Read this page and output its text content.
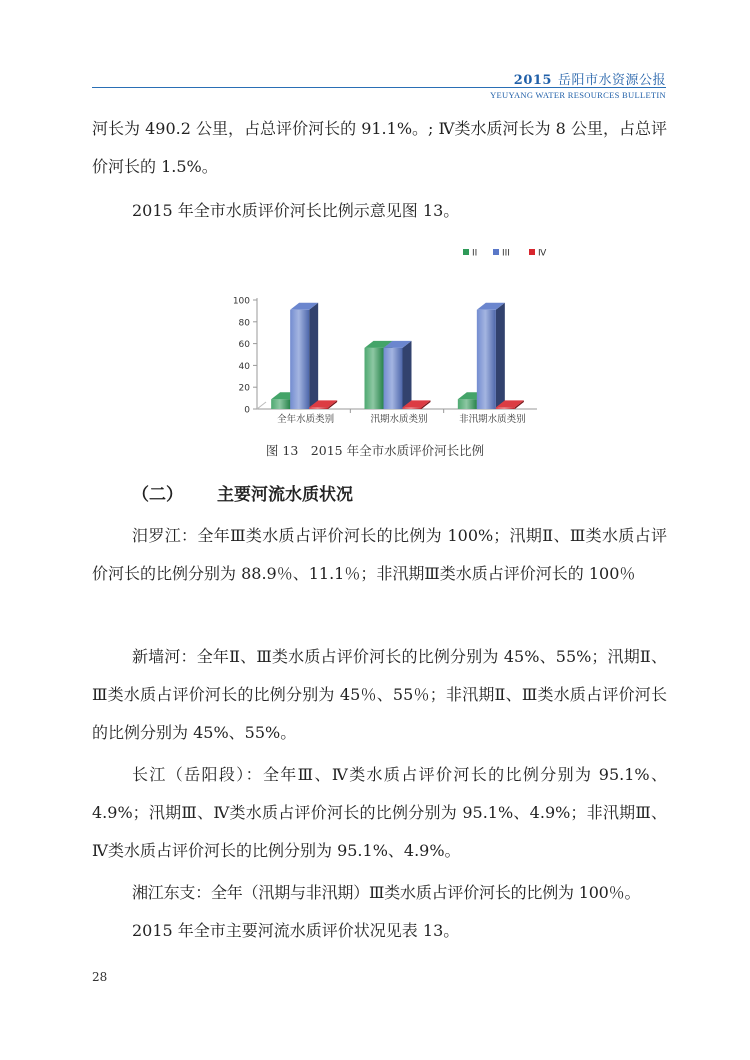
2015 岳阳市水资源公报
YEUYANG WATER RESOURCES BULLETIN

河长为 490.2 公里，占总评价河长的 91.1%。; Ⅳ类水质河长为 8 公里，占总评价河长的 1.5%。

2015 年全市水质评价河长比例示意见图 13。

II	III	Ⅳ
0
20
40
60
80
100
全年水质类别	汛期水质类别	非汛期水质类别
图 13　2015 年全市水质评价河长比例
（二） 主要河流水质状况

汨罗江：全年Ⅲ类水质占评价河长的比例为 100%；汛期Ⅱ、Ⅲ类水质占评价河长的比例分别为 88.9％、11.1％；非汛期Ⅲ类水质占评价河长的 100％

新墙河：全年Ⅱ、Ⅲ类水质占评价河长的比例分别为 45%、55%；汛期Ⅱ、Ⅲ类水质占评价河长的比例分别为 45％、55％；非汛期Ⅱ、Ⅲ类水质占评价河长的比例分别为 45%、55%。

长江（岳阳段）：全年Ⅲ、Ⅳ类水质占评价河长的比例分别为 95.1%、4.9%；汛期Ⅲ、Ⅳ类水质占评价河长的比例分别为 95.1%、4.9%；非汛期Ⅲ、Ⅳ类水质占评价河长的比例分别为 95.1%、4.9%。

湘江东支：全年（汛期与非汛期）Ⅲ类水质占评价河长的比例为 100％。

2015 年全市主要河流水质评价状况见表 13。

28
